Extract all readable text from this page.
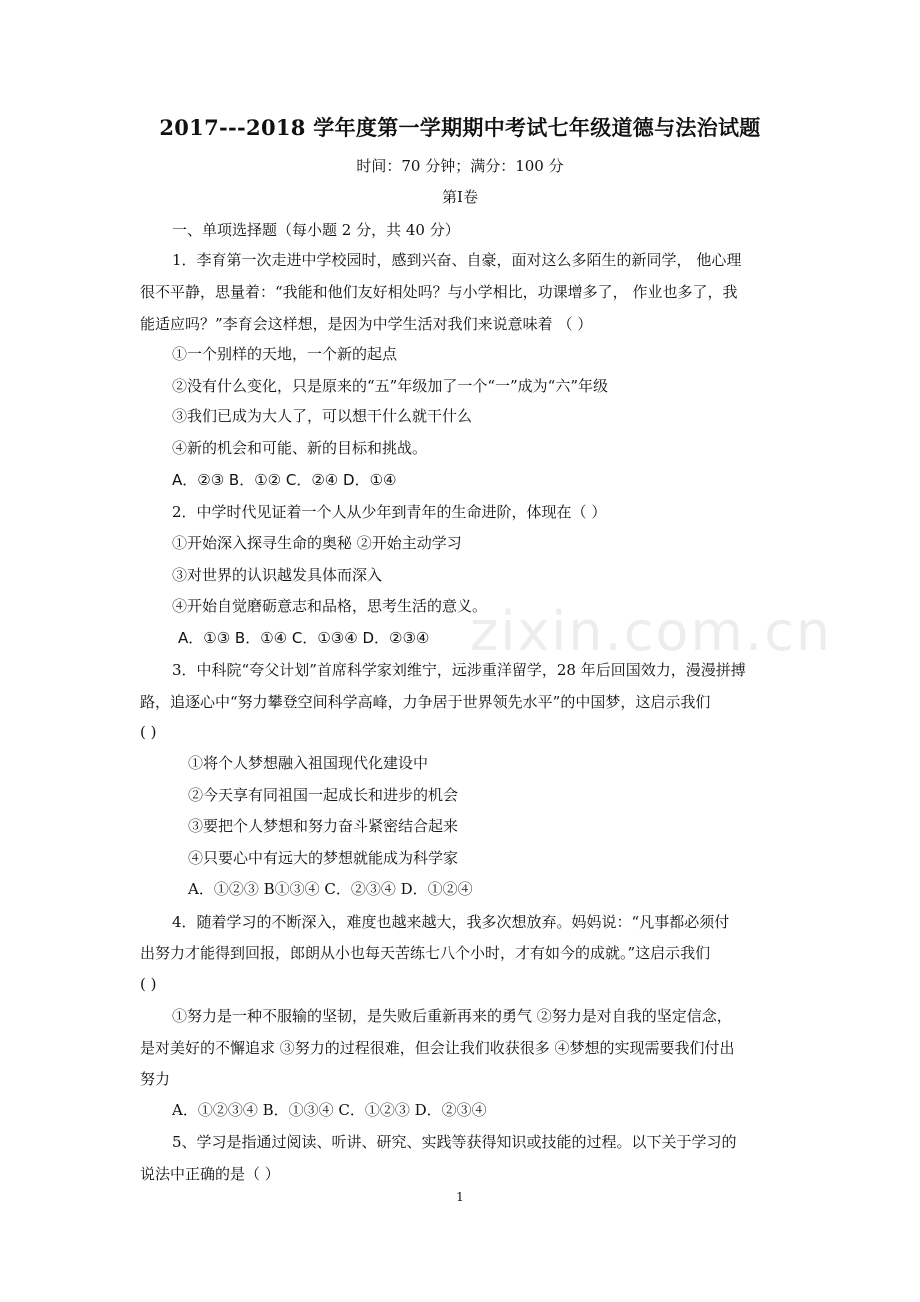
2017---2018 学年度第一学期期中考试七年级道德与法治试题
时间：70 分钟；满分：100 分
第Ⅰ卷
一、单项选择题（每小题 2 分，共 40 分）
1．李育第一次走进中学校园时，感到兴奋、自豪，面对这么多陌生的新同学， 他心理
很不平静，思量着：“我能和他们友好相处吗？与小学相比，功课增多了， 作业也多了，我
能适应吗？”李育会这样想，是因为中学生活对我们来说意味着 （ ）
①一个别样的天地，一个新的起点
②没有什么变化，只是原来的“五”年级加了一个“一”成为“六”年级
③我们已成为大人了，可以想干什么就干什么
④新的机会和可能、新的目标和挑战。
A．②③ B．①② C．②④ D．①④
2．中学时代见证着一个人从少年到青年的生命进阶，体现在（ ）
①开始深入探寻生命的奥秘 ②开始主动学习
③对世界的认识越发具体而深入
④开始自觉磨砺意志和品格，思考生活的意义。
A．①③ B．①④ C．①③④ D．②③④
3．中科院“夸父计划”首席科学家刘维宁，远涉重洋留学，28 年后回国效力，漫漫拼搏
路，追逐心中“努力攀登空间科学高峰，力争居于世界领先水平”的中国梦，这启示我们
( )
①将个人梦想融入祖国现代化建设中
②今天享有同祖国一起成长和进步的机会
③要把个人梦想和努力奋斗紧密结合起来
④只要心中有远大的梦想就能成为科学家
A．①②③ B①③④ C．②③④ D．①②④
4．随着学习的不断深入，难度也越来越大，我多次想放弃。妈妈说：“凡事都必须付
出努力才能得到回报，郎朗从小也每天苦练七八个小时，才有如今的成就。”这启示我们
( )
①努力是一种不服输的坚韧，是失败后重新再来的勇气 ②努力是对自我的坚定信念，
是对美好的不懈追求 ③努力的过程很难，但会让我们收获很多 ④梦想的实现需要我们付出
努力
A．①②③④ B．①③④ C．①②③ D．②③④
5、学习是指通过阅读、听讲、研究、实践等获得知识或技能的过程。以下关于学习的
说法中正确的是（ ）
zixin.com.cn
1
